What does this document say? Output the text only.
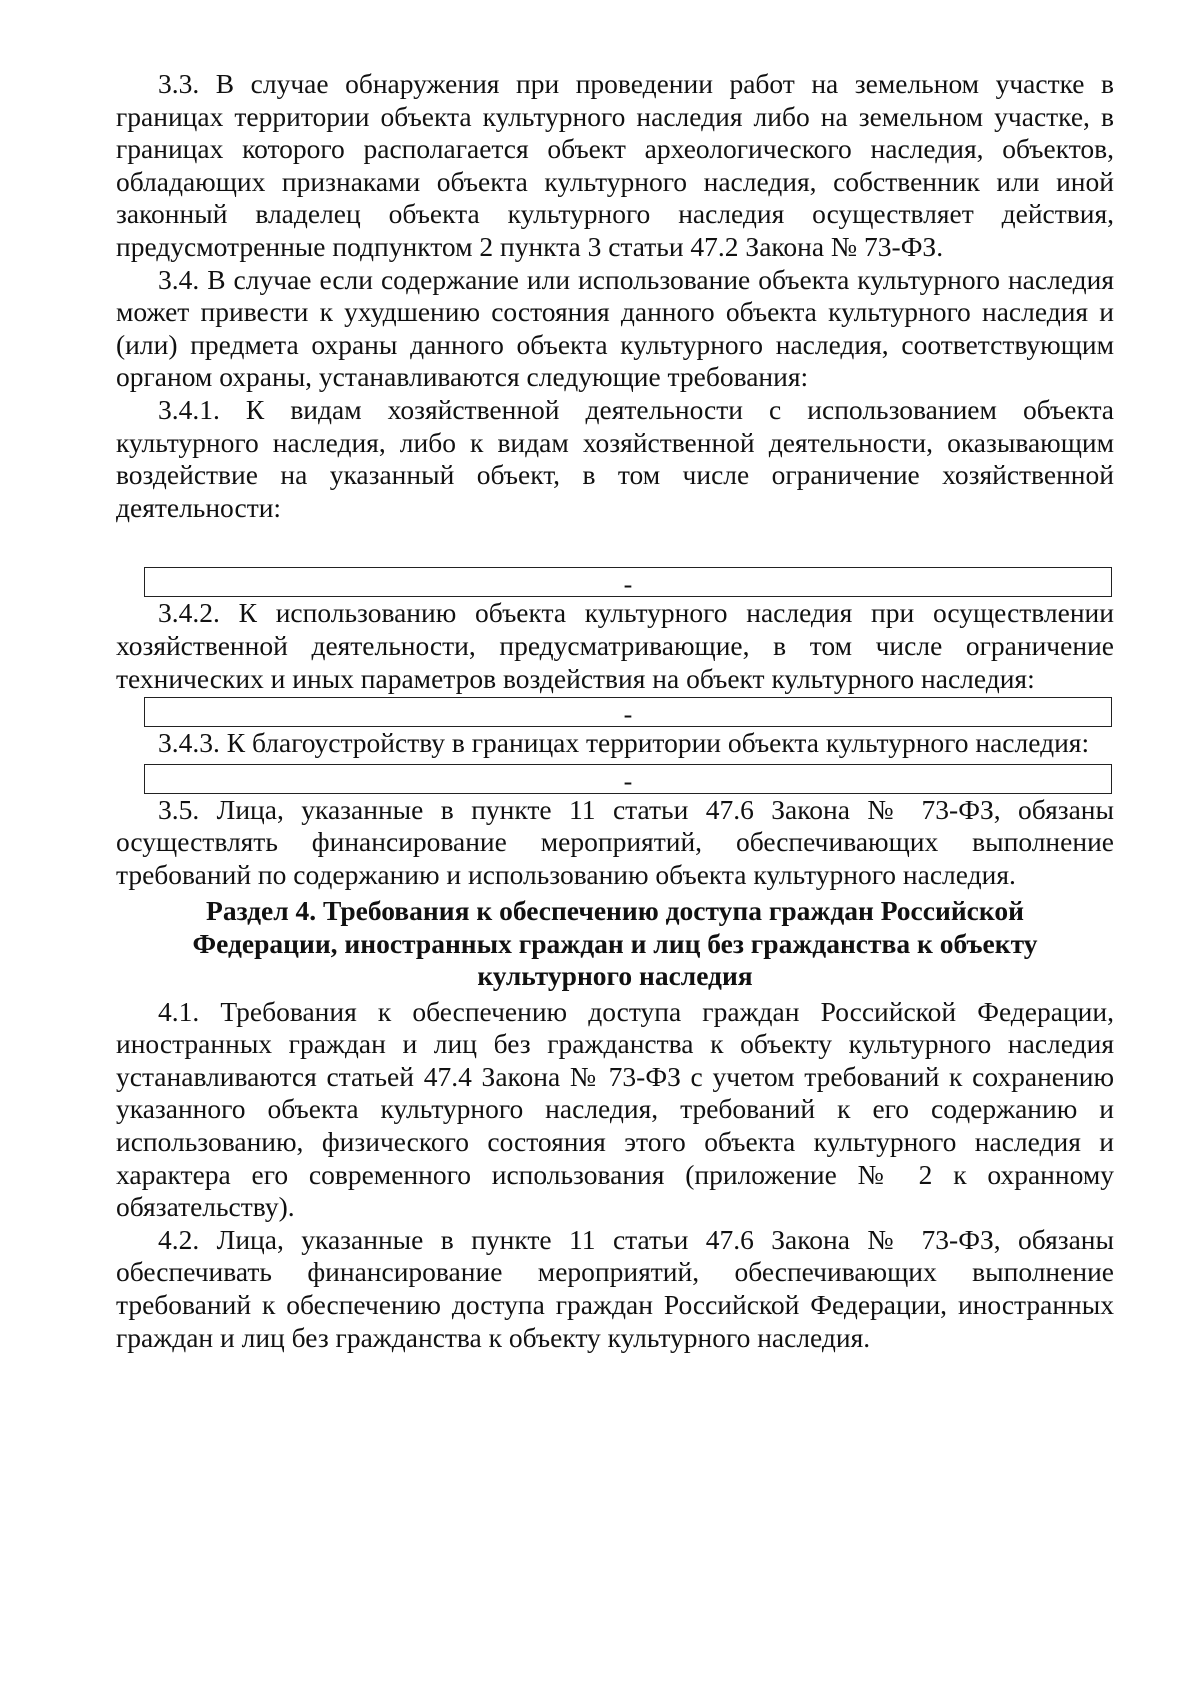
3.3. В случае обнаружения при проведении работ на земельном участке в границах территории объекта культурного наследия либо на земельном участке, в границах которого располагается объект археологического наследия, объектов, обладающих признаками объекта культурного наследия, собственник или иной законный владелец объекта культурного наследия осуществляет действия, предусмотренные подпунктом 2 пункта 3 статьи 47.2 Закона № 73-ФЗ.

3.4. В случае если содержание или использование объекта культурного наследия может привести к ухудшению состояния данного объекта культурного наследия и (или) предмета охраны данного объекта культурного наследия, соответствующим органом охраны, устанавливаются следующие требования:

3.4.1. К видам хозяйственной деятельности с использованием объекта культурного наследия, либо к видам хозяйственной деятельности, оказывающим воздействие на указанный объект, в том числе ограничение хозяйственной деятельности:

-

3.4.2. К использованию объекта культурного наследия при осуществлении хозяйственной деятельности, предусматривающие, в том числе ограничение технических и иных параметров воздействия на объект культурного наследия:

-

3.4.3. К благоустройству в границах территории объекта культурного наследия:

-

3.5. Лица, указанные в пункте 11 статьи 47.6 Закона № 73-ФЗ, обязаны осуществлять финансирование мероприятий, обеспечивающих выполнение требований по содержанию и использованию объекта культурного наследия.

Раздел 4. Требования к обеспечению доступа граждан Российской Федерации, иностранных граждан и лиц без гражданства к объекту культурного наследия

4.1. Требования к обеспечению доступа граждан Российской Федерации, иностранных граждан и лиц без гражданства к объекту культурного наследия устанавливаются статьей 47.4 Закона № 73-ФЗ с учетом требований к сохранению указанного объекта культурного наследия, требований к его содержанию и использованию, физического состояния этого объекта культурного наследия и характера его современного использования (приложение № 2 к охранному обязательству).

4.2. Лица, указанные в пункте 11 статьи 47.6 Закона № 73-ФЗ, обязаны обеспечивать финансирование мероприятий, обеспечивающих выполнение требований к обеспечению доступа граждан Российской Федерации, иностранных граждан и лиц без гражданства к объекту культурного наследия.
